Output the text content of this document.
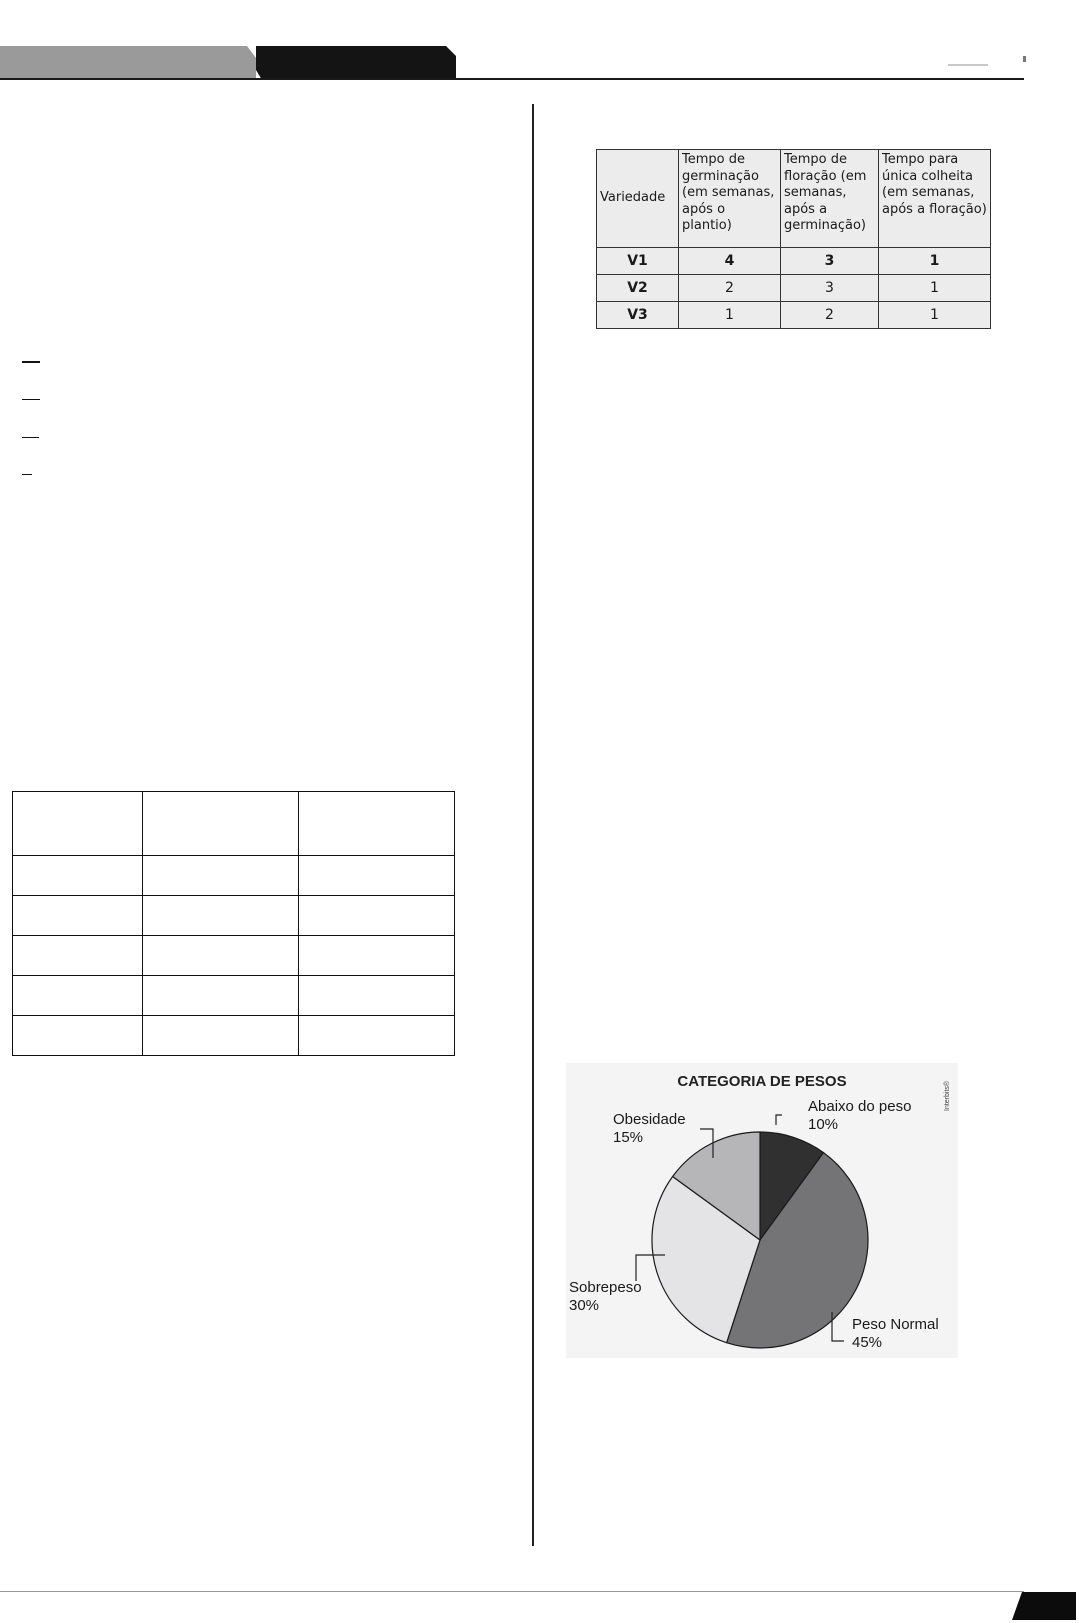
Variedade	Tempo de germinação (em semanas, após o plantio)	Tempo de floração (em semanas, após a germinação)	Tempo para única colheita (em semanas, após a floração)
V1	4	3	1
V2	2	3	1
V3	1	2	1
CATEGORIA DE PESOS	Interbits®
Abaixo do peso
10%
Peso Normal
45%
Sobrepeso
30%
Obesidade
15%
